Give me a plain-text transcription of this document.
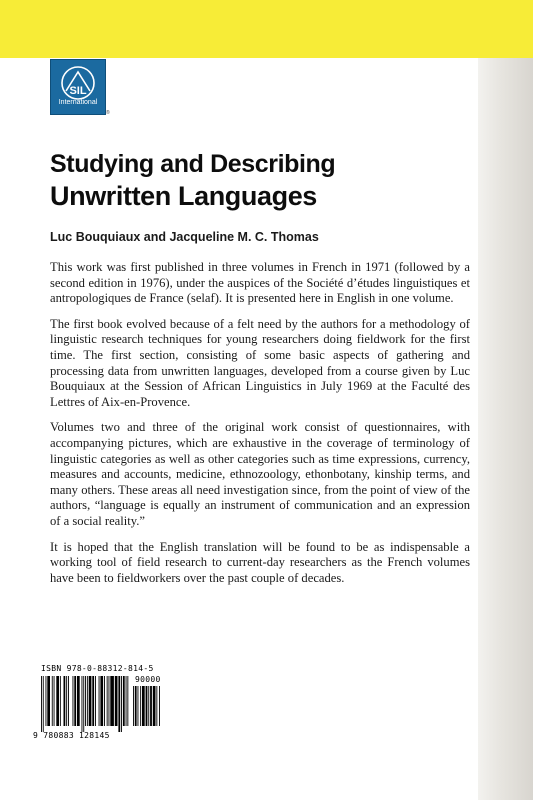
SIL
International
®
Studying and Describing
Unwritten Languages
Luc Bouquiaux and Jacqueline M. C. Thomas

This work was first published in three volumes in French in 1971 (followed by a second edition in 1976), under the auspices of the Société d’études linguistiques et antropologiques de France (selaf). It is presented here in English in one volume.

The first book evolved because of a felt need by the authors for a methodology of linguistic research techniques for young researchers doing fieldwork for the first time. The first section, consisting of some basic aspects of gathering and processing data from unwritten languages, developed from a course given by Luc Bouquiaux at the Session of African Linguistics in July 1969 at the Faculté des Lettres of Aix-en-Provence.

Volumes two and three of the original work consist of questionnaires, with accompanying pictures, which are exhaustive in the coverage of terminology of linguistic categories as well as other categories such as time expressions, currency, measures and accounts, medicine, ethnozoology, ethonbotany, kinship terms, and many others. These areas all need investigation since, from the point of view of the authors, “language is equally an instrument of communication and an expression of a social reality.”

It is hoped that the English translation will be found to be as indispensable a working tool of field research to current-day researchers as the French volumes have been to fieldworkers over the past couple of decades.

ISBN 978-0-88312-814-5
90000
9 780883 128145
